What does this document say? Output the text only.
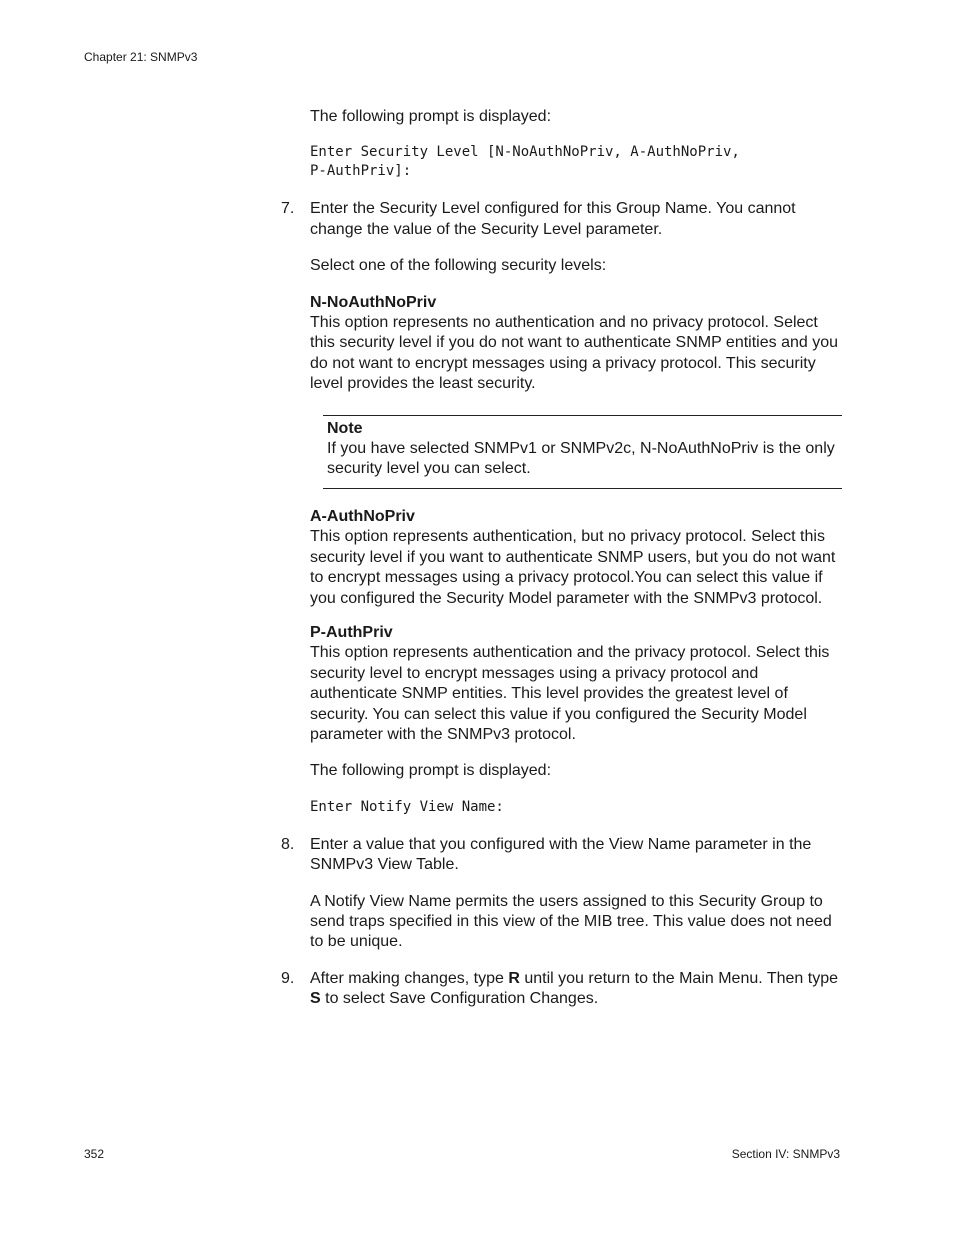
Chapter 21: SNMPv3

The following prompt is displayed:

Enter Security Level [N-NoAuthNoPriv, A-AuthNoPriv,
P-AuthPriv]:
7. Enter the Security Level configured for this Group Name. You cannot change the value of the Security Level parameter.

Select one of the following security levels:

N-NoAuthNoPriv

This option represents no authentication and no privacy protocol. Select this security level if you do not want to authenticate SNMP entities and you do not want to encrypt messages using a privacy protocol. This security level provides the least security.

Note

If you have selected SNMPv1 or SNMPv2c, N-NoAuthNoPriv is the only security level you can select.

A-AuthNoPriv

This option represents authentication, but no privacy protocol. Select this security level if you want to authenticate SNMP users, but you do not want to encrypt messages using a privacy protocol.You can select this value if you configured the Security Model parameter with the SNMPv3 protocol.

P-AuthPriv

This option represents authentication and the privacy protocol. Select this security level to encrypt messages using a privacy protocol and authenticate SNMP entities. This level provides the greatest level of security. You can select this value if you configured the Security Model parameter with the SNMPv3 protocol.

The following prompt is displayed:

Enter Notify View Name:
8. Enter a value that you configured with the View Name parameter in the SNMPv3 View Table.

A Notify View Name permits the users assigned to this Security Group to send traps specified in this view of the MIB tree. This value does not need to be unique.

9. After making changes, type R until you return to the Main Menu. Then type S to select Save Configuration Changes.

352	Section IV: SNMPv3
